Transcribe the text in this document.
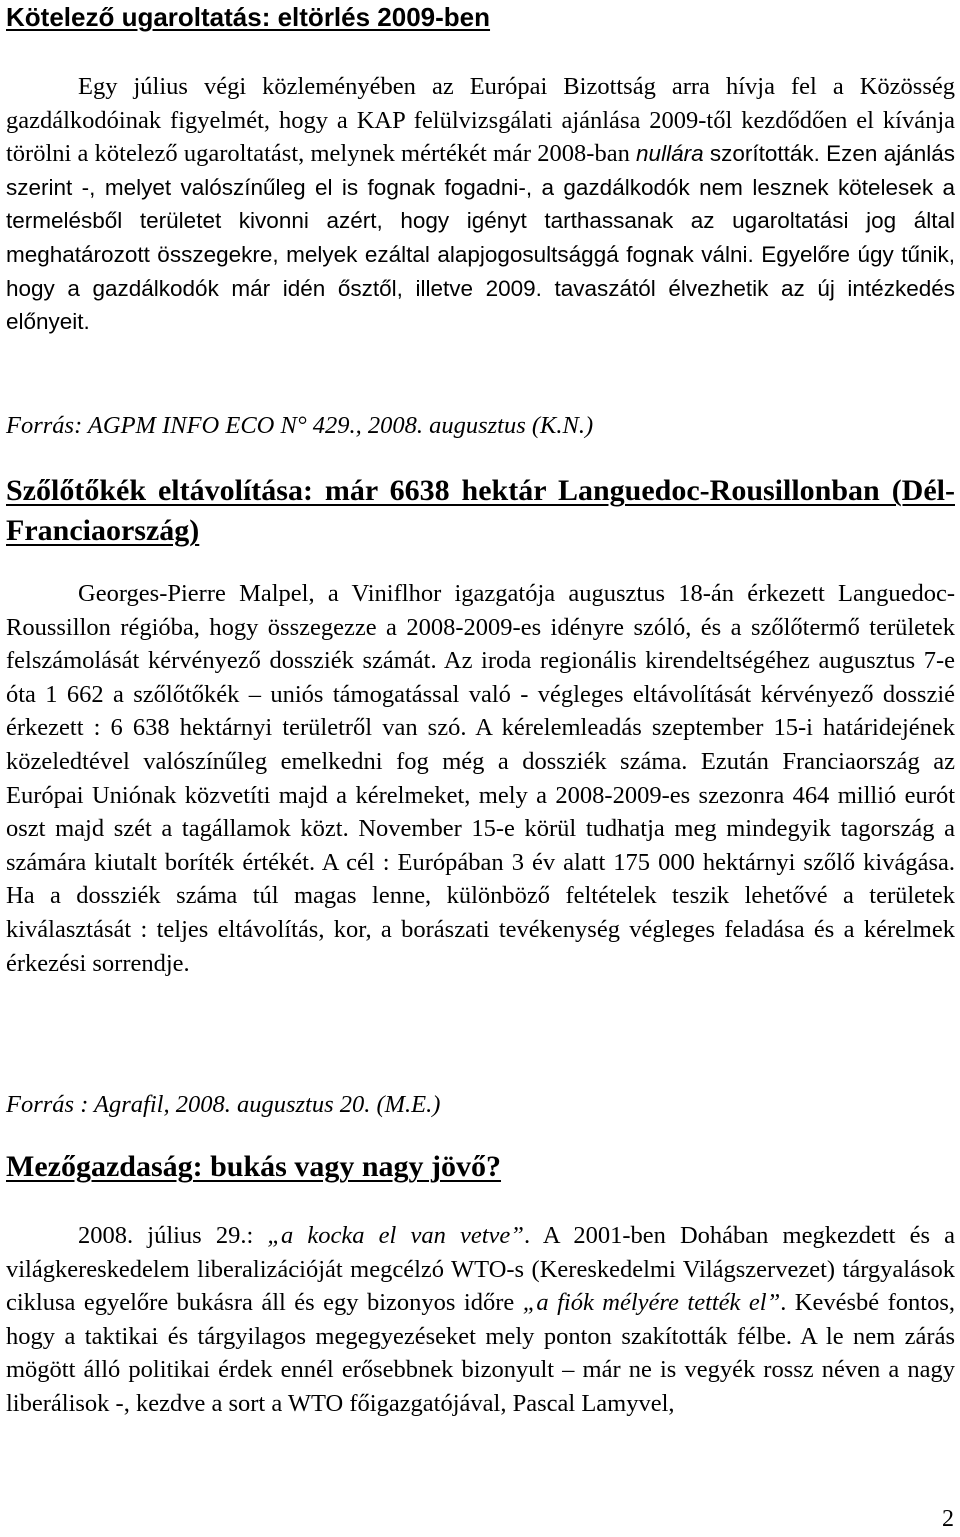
Kötelező ugaroltatás: eltörlés 2009-ben

Egy július végi közleményében az Európai Bizottság arra hívja fel a Közösség gazdálkodóinak figyelmét, hogy a KAP felülvizsgálati ajánlása 2009-től kezdődően el kívánja törölni a kötelező ugaroltatást, melynek mértékét már 2008-ban nullára szorították. Ezen ajánlás szerint -, melyet valószínűleg el is fognak fogadni-, a gazdálkodók nem lesznek kötelesek a termelésből területet kivonni azért, hogy igényt tarthassanak az ugaroltatási jog által meghatározott összegekre, melyek ezáltal alapjogosultsággá fognak válni. Egyelőre úgy tűnik, hogy a gazdálkodók már idén ősztől, illetve 2009. tavaszától élvezhetik az új intézkedés előnyeit.

Forrás: AGPM INFO ECO N° 429., 2008. augusztus (K.N.)

Szőlőtőkék eltávolítása: már 6638 hektár Languedoc-Rousillonban (Dél-Franciaország)

Georges-Pierre Malpel, a Viniflhor igazgatója augusztus 18-án érkezett Languedoc-Roussillon régióba, hogy összegezze a 2008-2009-es idényre szóló, és a szőlőtermő területek felszámolását kérvényező dossziék számát. Az iroda regionális kirendeltségéhez augusztus 7-e óta 1 662 a szőlőtőkék – uniós támogatással való - végleges eltávolítását kérvényező dosszié érkezett : 6 638 hektárnyi területről van szó. A kérelemleadás szeptember 15-i határidejének közeledtével valószínűleg emelkedni fog még a dossziék száma. Ezután Franciaország az Európai Uniónak közvetíti majd a kérelmeket, mely a 2008-2009-es szezonra 464 millió eurót oszt majd szét a tagállamok közt. November 15-e körül tudhatja meg mindegyik tagország a számára kiutalt boríték értékét. A cél : Európában 3 év alatt 175 000 hektárnyi szőlő kivágása. Ha a dossziék száma túl magas lenne, különböző feltételek teszik lehetővé a területek kiválasztását : teljes eltávolítás, kor, a borászati tevékenység végleges feladása és a kérelmek érkezési sorrendje.

Forrás : Agrafil, 2008. augusztus 20. (M.E.)

Mezőgazdaság: bukás vagy nagy jövő?

2008. július 29.: „a kocka el van vetve”. A 2001-ben Dohában megkezdett és a világkereskedelem liberalizációját megcélzó WTO-s (Kereskedelmi Világszervezet) tárgyalások ciklusa egyelőre bukásra áll és egy bizonyos időre „a fiók mélyére tették el”. Kevésbé fontos, hogy a taktikai és tárgyilagos megegyezéseket mely ponton szakították félbe. A le nem zárás mögött álló politikai érdek ennél erősebbnek bizonyult – már ne is vegyék rossz néven a nagy liberálisok -, kezdve a sort a WTO főigazgatójával, Pascal Lamyvel,

2
